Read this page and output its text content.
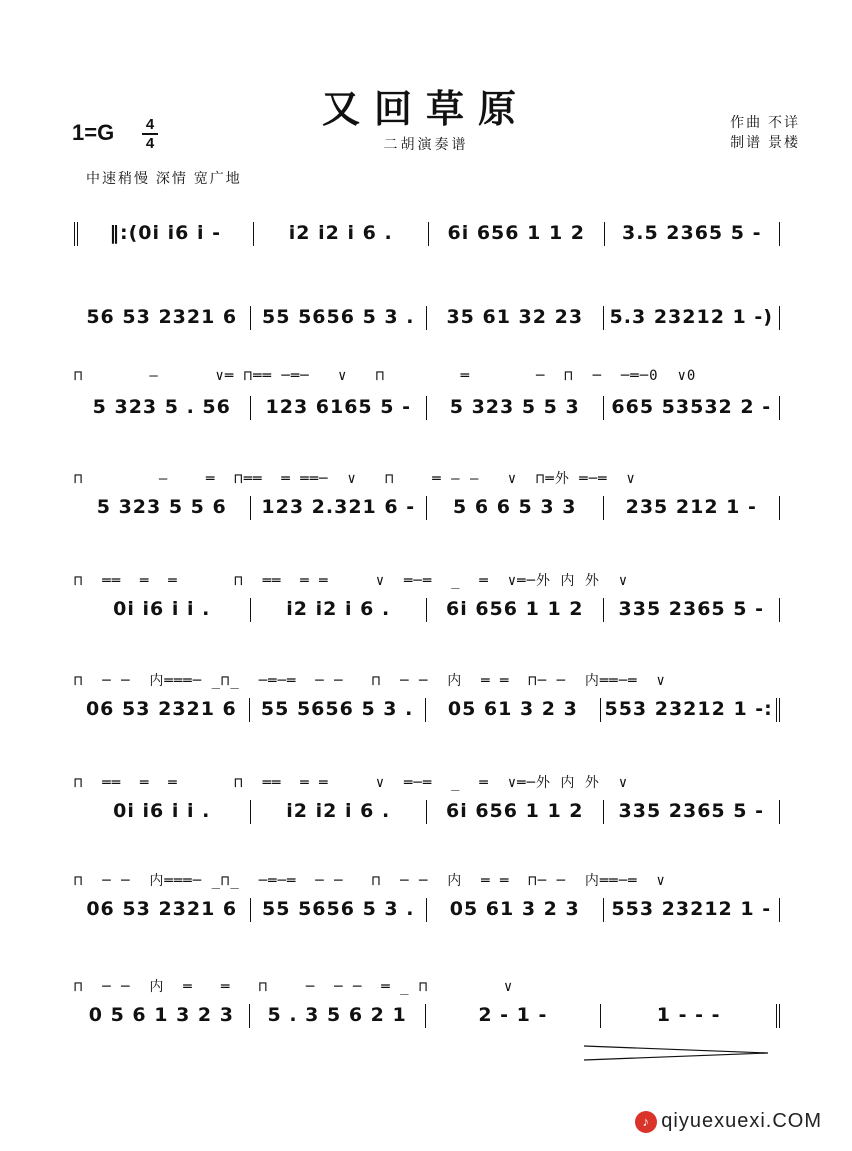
又回草原
二胡演奏谱
1=G 4
4
作曲 不详
制谱 景楼
中速稍慢 深情 宽广地
‖:(0i i6 i -	i2 i2 i 6 .	6i 656 1 1 2	3.5 2365 5 -
56 53 2321 6	55 5656 5 3 .	35 61 32 23	5.3 23212 1 -)
⊓       —      ∨═ ⊓══ ─═─   ∨   ⊓        ═       ─  ⊓  ─  ─═─0  ∨0
5 323 5 . 56	123 6165 5 -	5 323 5 5 3	665 53532 2 -
⊓        —    ═  ⊓══  ═ ══─  ∨   ⊓    ═ — —   ∨  ⊓═外 ═─═  ∨
5 323 5 5 6	123 2.321 6 -	5 6 6 5 3 3	235 212 1 -
⊓  ══  ═  ═      ⊓  ══  ═ ═     ∨  ═─═  _  ═  ∨═─外 内 外  ∨
0i i6 i i .	i2 i2 i 6 .	6i 656 1 1 2	335 2365 5 -
⊓  ─ ─  内═══─ _⊓_  ─═─═  ─ ─   ⊓  ─ ─  内  ═ ═  ⊓─ ─  内══─═  ∨
06 53 2321 6	55 5656 5 3 .	05 61 3 2 3	553 23212 1 -:
⊓  ══  ═  ═      ⊓  ══  ═ ═     ∨  ═─═  _  ═  ∨═─外 内 外  ∨
0i i6 i i .	i2 i2 i 6 .	6i 656 1 1 2	335 2365 5 -
⊓  ─ ─  内═══─ _⊓_  ─═─═  ─ ─   ⊓  ─ ─  内  ═ ═  ⊓─ ─  内══─═  ∨
06 53 2321 6	55 5656 5 3 .	05 61 3 2 3	553 23212 1 -
⊓  ─ ─  内  ═   ═   ⊓    ─  ─ ─  ═ _ ⊓        ∨
0 5 6 1 3 2 3	5 . 3 5 6 2 1	2 - 1 -	1 - - -
♪ qiyuexuexi.COM
